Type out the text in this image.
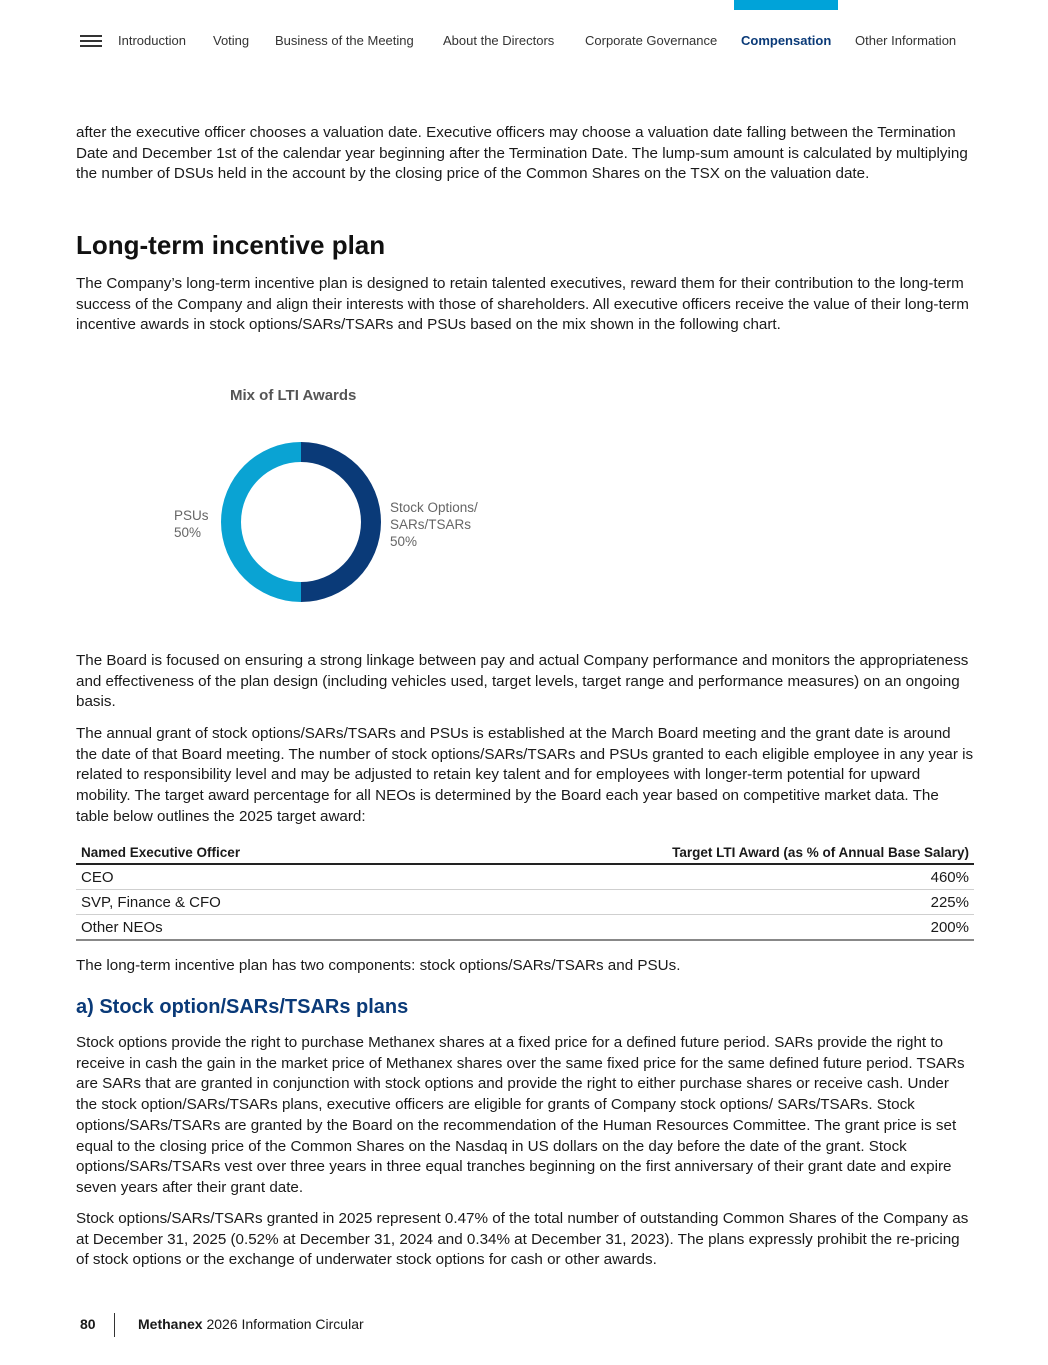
Introduction Voting Business of the Meeting About the Directors Corporate Governance Compensation Other Information

after the executive officer chooses a valuation date. Executive officers may choose a valuation date falling between the Termination Date and December 1st of the calendar year beginning after the Termination Date. The lump-sum amount is calculated by multiplying the number of DSUs held in the account by the closing price of the Common Shares on the TSX on the valuation date.

Long-term incentive plan

The Company’s long-term incentive plan is designed to retain talented executives, reward them for their contribution to the long-term success of the Company and align their interests with those of shareholders. All executive officers receive the value of their long-term incentive awards in stock options/SARs/TSARs and PSUs based on the mix shown in the following chart.

Mix of LTI Awards
PSUs
50%
Stock Options/
SARs/TSARs
50%

The Board is focused on ensuring a strong linkage between pay and actual Company performance and monitors the appropriateness and effectiveness of the plan design (including vehicles used, target levels, target range and performance measures) on an ongoing basis.

The annual grant of stock options/SARs/TSARs and PSUs is established at the March Board meeting and the grant date is around the date of that Board meeting. The number of stock options/SARs/TSARs and PSUs granted to each eligible employee in any year is related to responsibility level and may be adjusted to retain key talent and for employees with longer-term potential for upward mobility. The target award percentage for all NEOs is determined by the Board each year based on competitive market data. The table below outlines the 2025 target award:

Named Executive Officer	Target LTI Award (as % of Annual Base Salary)
CEO	460%
SVP, Finance & CFO	225%
Other NEOs	200%

The long-term incentive plan has two components: stock options/SARs/TSARs and PSUs.

a) Stock option/SARs/TSARs plans

Stock options provide the right to purchase Methanex shares at a fixed price for a defined future period. SARs provide the right to receive in cash the gain in the market price of Methanex shares over the same fixed price for the same defined future period. TSARs are SARs that are granted in conjunction with stock options and provide the right to either purchase shares or receive cash. Under the stock option/SARs/TSARs plans, executive officers are eligible for grants of Company stock options/ SARs/TSARs. Stock options/SARs/TSARs are granted by the Board on the recommendation of the Human Resources Committee. The grant price is set equal to the closing price of the Common Shares on the Nasdaq in US dollars on the day before the date of the grant. Stock options/SARs/TSARs vest over three years in three equal tranches beginning on the first anniversary of their grant date and expire seven years after their grant date.

Stock options/SARs/TSARs granted in 2025 represent 0.47% of the total number of outstanding Common Shares of the Company as at December 31, 2025 (0.52% at December 31, 2024 and 0.34% at December 31, 2023). The plans expressly prohibit the re-pricing of stock options or the exchange of underwater stock options for cash or other awards.

80	Methanex 2026 Information Circular
